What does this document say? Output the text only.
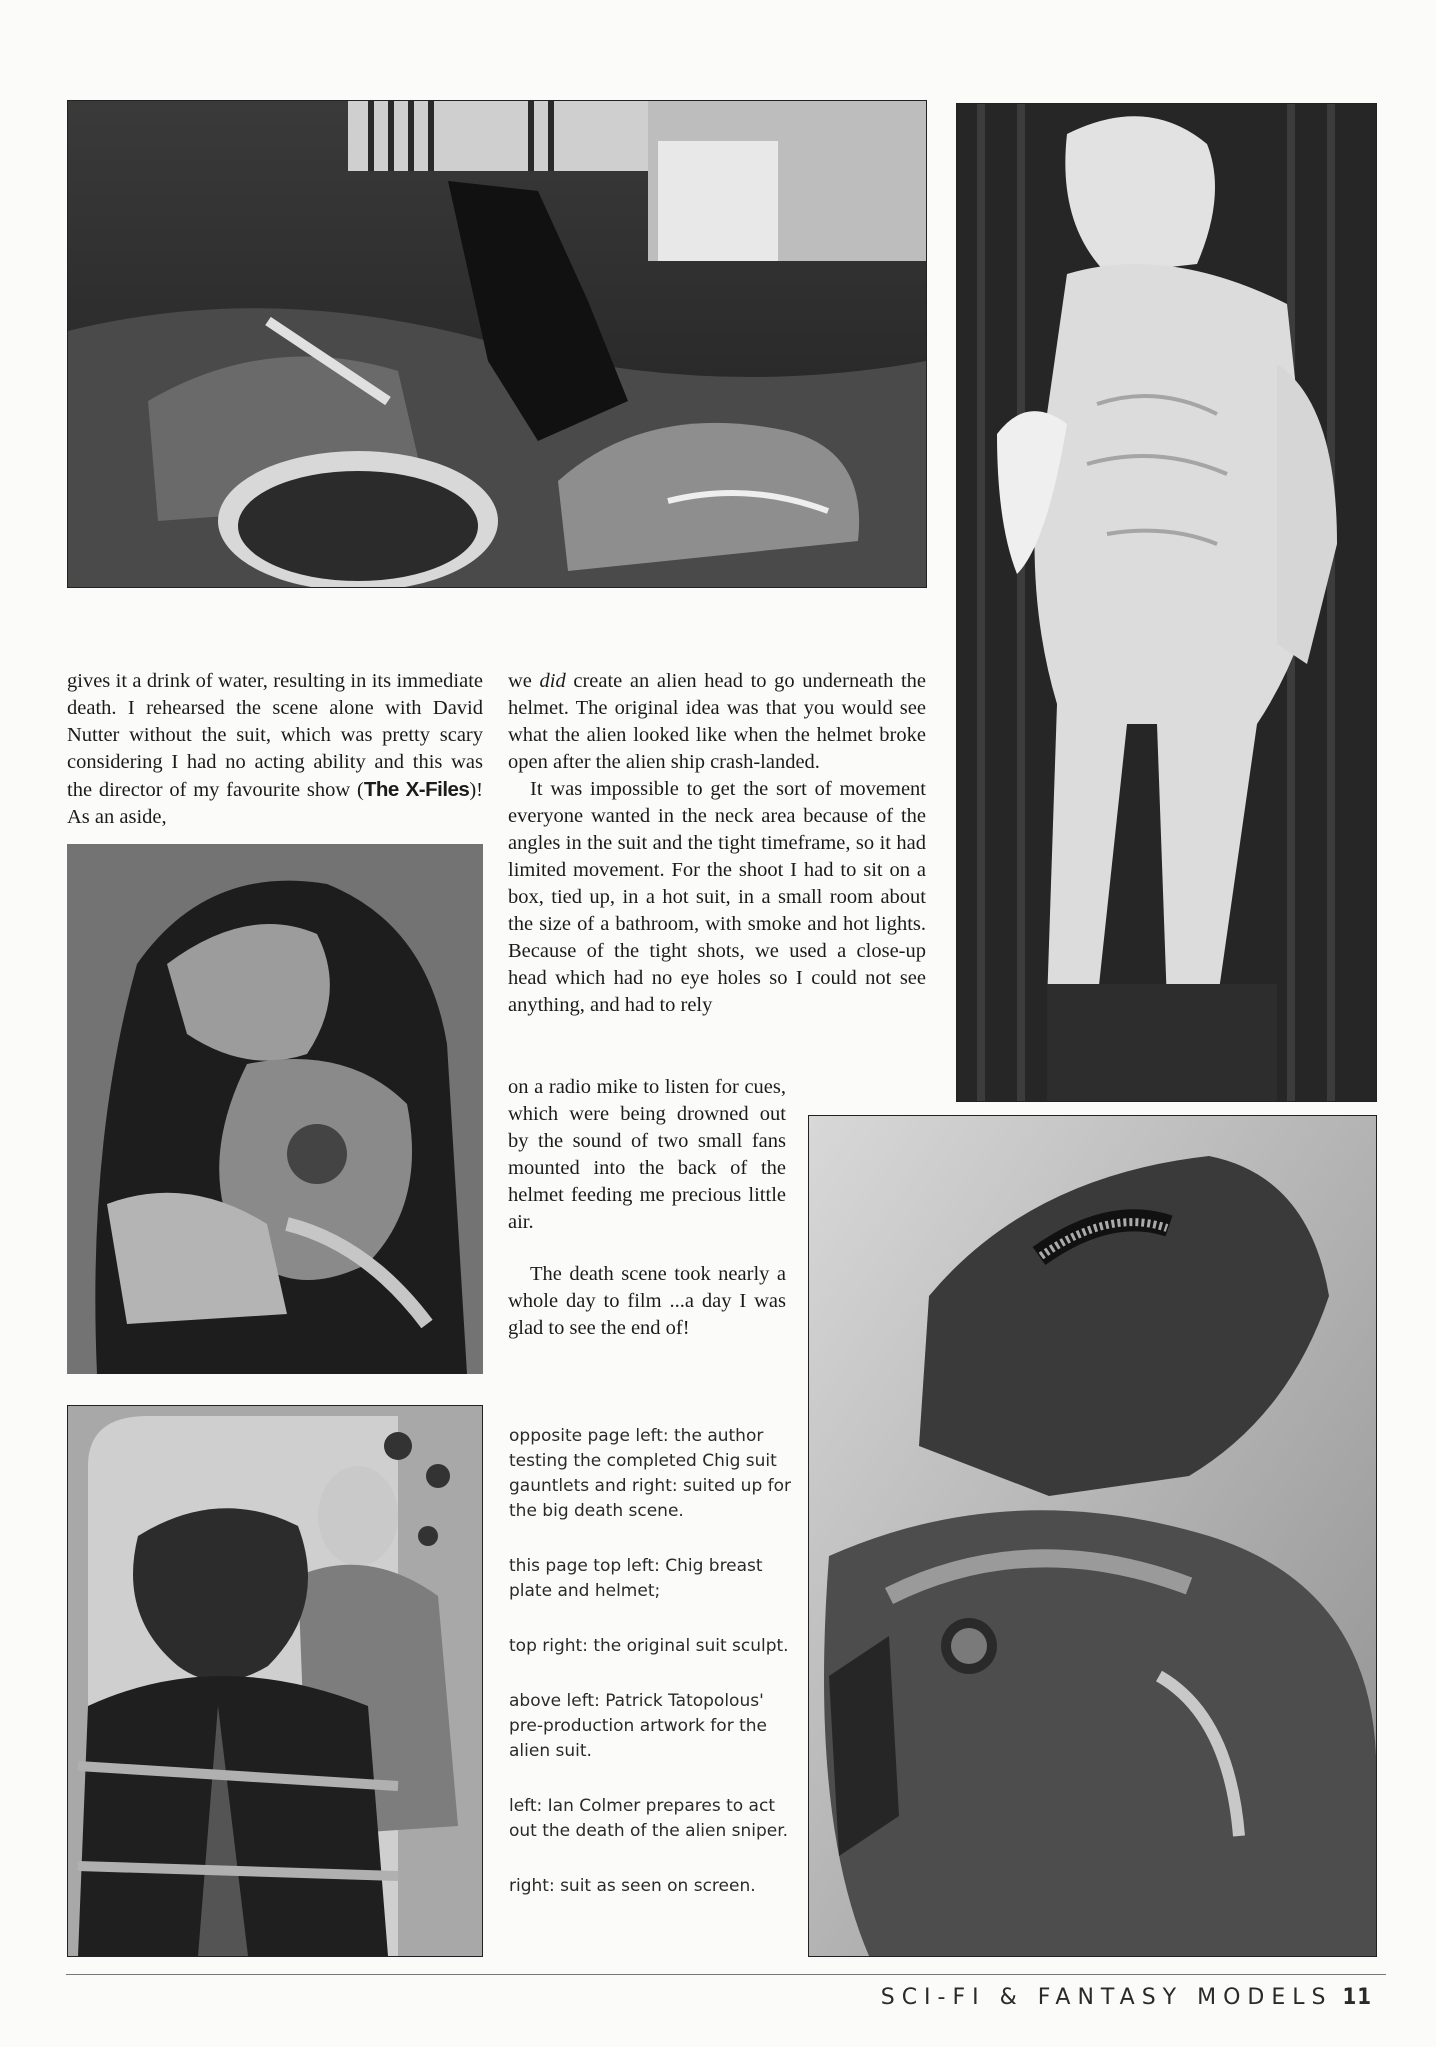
gives it a drink of water, resulting in its immediate death. I rehearsed the scene alone with David Nutter without the suit, which was pretty scary considering I had no acting ability and this was the director of my favourite show (The X-Files)! As an aside,

we did create an alien head to go underneath the helmet. The original idea was that you would see what the alien looked like when the helmet broke open after the alien ship crash-landed.

It was impossible to get the sort of movement everyone wanted in the neck area because of the angles in the suit and the tight timeframe, so it had limited movement. For the shoot I had to sit on a box, tied up, in a hot suit, in a small room about the size of a bathroom, with smoke and hot lights. Because of the tight shots, we used a close-up head which had no eye holes so I could not see anything, and had to rely

on a radio mike to listen for cues, which were being drowned out by the sound of two small fans mounted into the back of the helmet feeding me precious little air.

The death scene took nearly a whole day to film ...a day I was glad to see the end of!

opposite page left: the author testing the completed Chig suit gauntlets and right: suited up for the big death scene.

this page top left: Chig breast plate and helmet;

top right: the original suit sculpt.

above left: Patrick Tatopolous' pre-production artwork for the alien suit.

left: Ian Colmer prepares to act out the death of the alien sniper.

right: suit as seen on screen.

SCI-FI & FANTASY MODELS 11
